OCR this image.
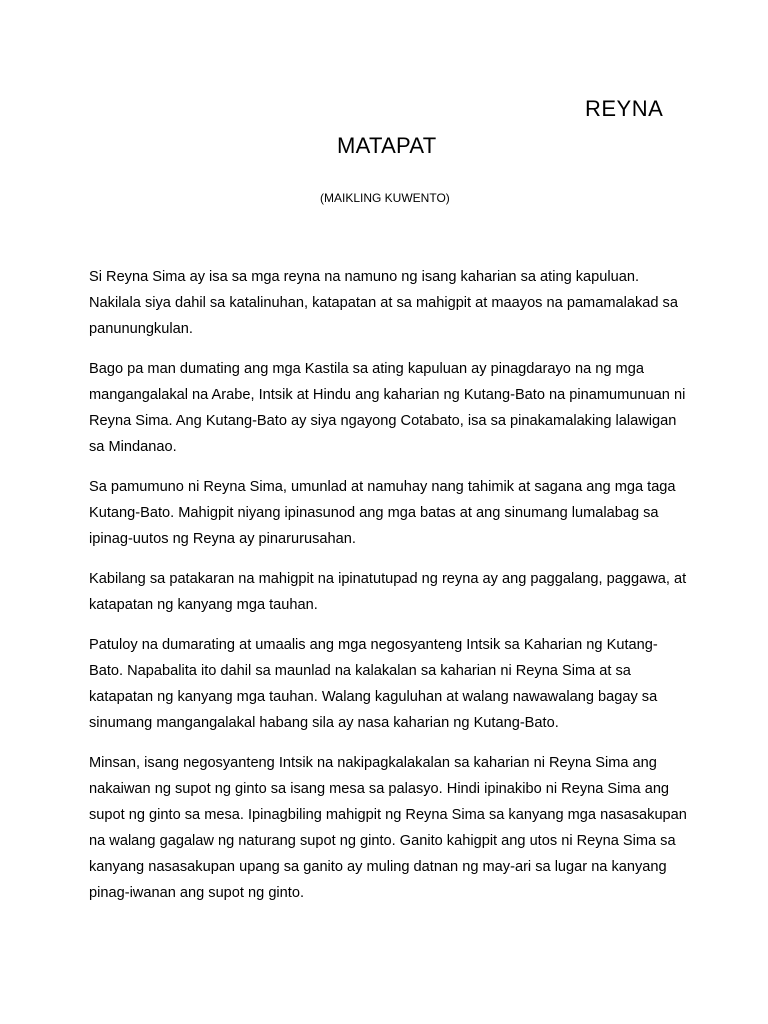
REYNA
MATAPAT
(MAIKLING KUWENTO)

Si Reyna Sima ay isa sa mga reyna na namuno ng isang kaharian sa ating kapuluan. Nakilala siya dahil sa katalinuhan, katapatan at sa mahigpit at maayos na pamamalakad sa panunungkulan.

Bago pa man dumating ang mga Kastila sa ating kapuluan ay pinagdarayo na ng mga mangangalakal na Arabe, Intsik at Hindu ang kaharian ng Kutang-Bato na pinamumunuan ni Reyna Sima. Ang Kutang-Bato ay siya ngayong Cotabato, isa sa pinakamalaking lalawigan sa Mindanao.

Sa pamumuno ni Reyna Sima, umunlad at namuhay nang tahimik at sagana ang mga taga Kutang-Bato. Mahigpit niyang ipinasunod ang mga batas at ang sinumang lumalabag sa ipinag-uutos ng Reyna ay pinarurusahan.

Kabilang sa patakaran na mahigpit na ipinatutupad ng reyna ay ang paggalang, paggawa, at katapatan ng kanyang mga tauhan.

Patuloy na dumarating at umaalis ang mga negosyanteng Intsik sa Kaharian ng Kutang-Bato. Napabalita ito dahil sa maunlad na kalakalan sa kaharian ni Reyna Sima at sa katapatan ng kanyang mga tauhan. Walang kaguluhan at walang nawawalang bagay sa sinumang mangangalakal habang sila ay nasa kaharian ng Kutang-Bato.

Minsan, isang negosyanteng Intsik na nakipagkalakalan sa kaharian ni Reyna Sima ang nakaiwan ng supot ng ginto sa isang mesa sa palasyo. Hindi ipinakibo ni Reyna Sima ang supot ng ginto sa mesa. Ipinagbiling mahigpit ng Reyna Sima sa kanyang mga nasasakupan na walang gagalaw ng naturang supot ng ginto. Ganito kahigpit ang utos ni Reyna Sima sa kanyang nasasakupan upang sa ganito ay muling datnan ng may-ari sa lugar na kanyang pinag-iwanan ang supot ng ginto.
